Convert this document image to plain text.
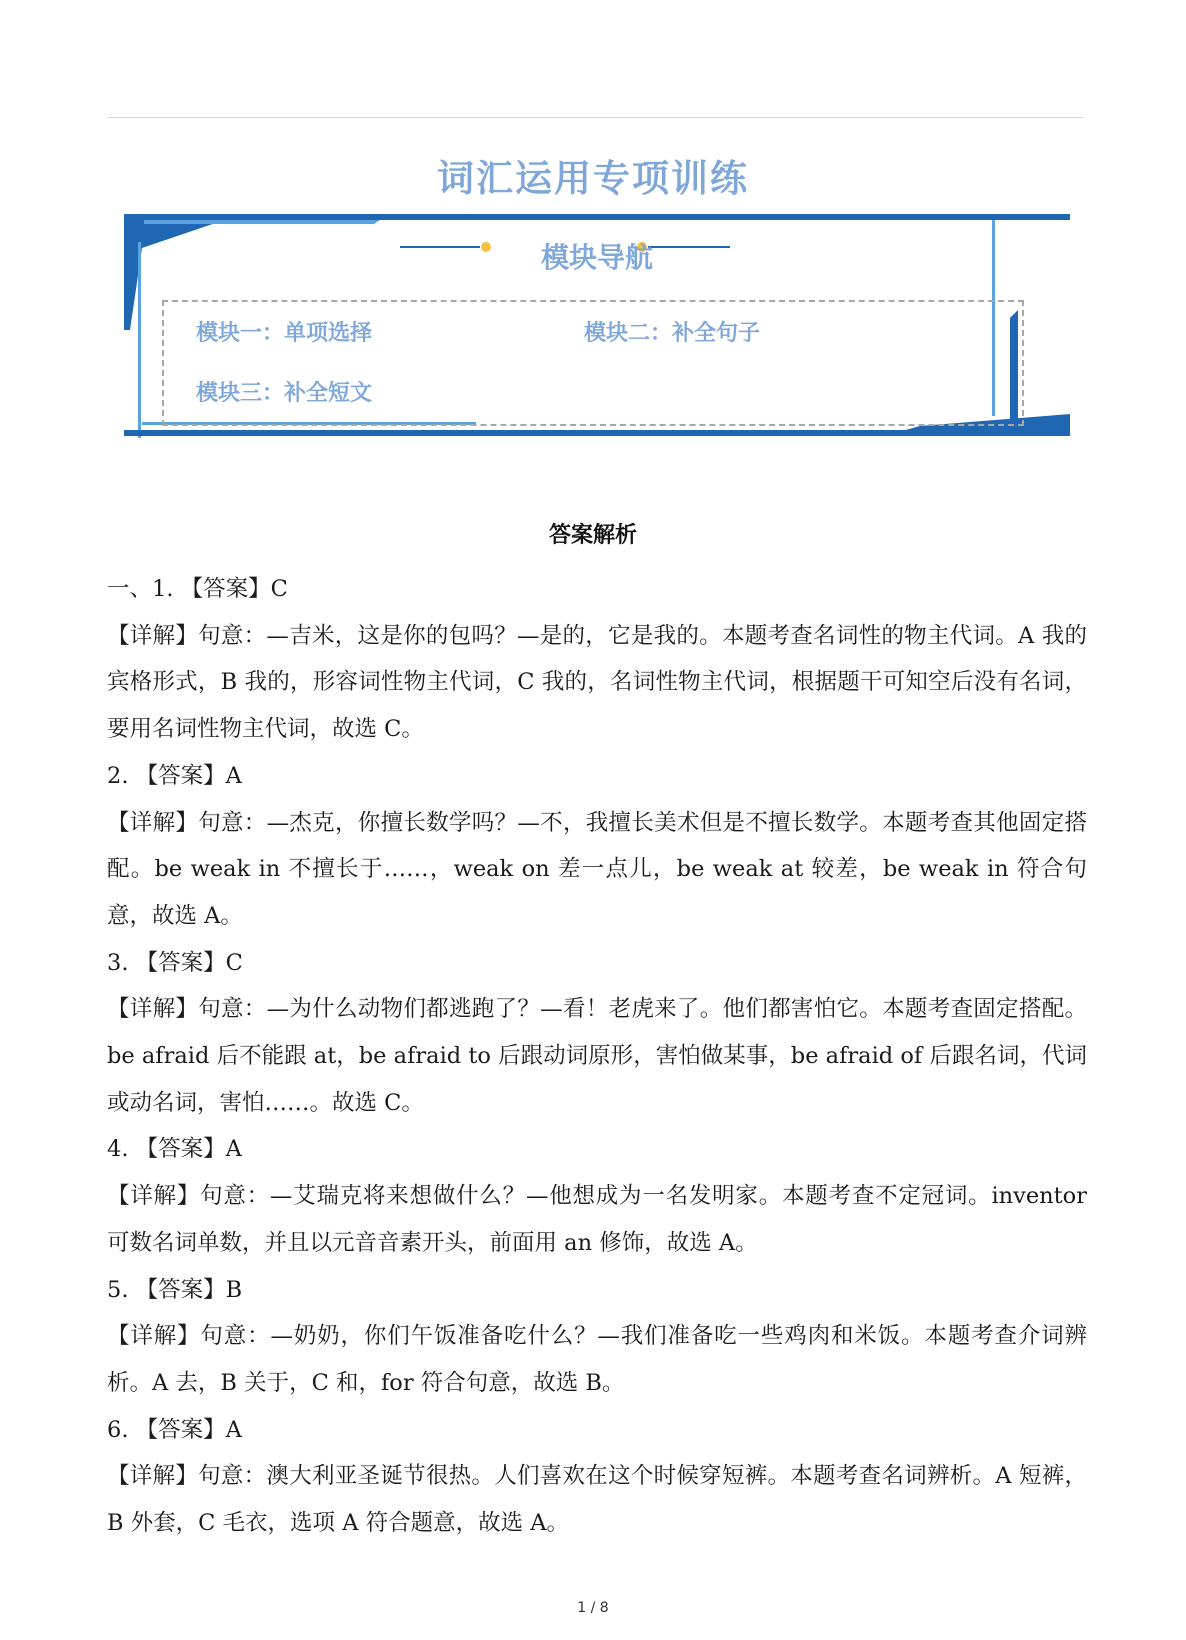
词汇运用专项训练
模块导航
模块一：单项选择	模块二：补全句子
模块三：补全短文
答案解析

一、1. 【答案】C

【详解】句意：—吉米，这是你的包吗？—是的，它是我的。本题考查名词性的物主代词。A 我的宾格形式，B 我的，形容词性物主代词，C 我的，名词性物主代词，根据题干可知空后没有名词，要用名词性物主代词，故选 C。

2. 【答案】A

【详解】句意：—杰克，你擅长数学吗？—不，我擅长美术但是不擅长数学。本题考查其他固定搭配。be weak in 不擅长于……，weak on 差一点儿，be weak at 较差，be weak in 符合句意，故选 A。

3. 【答案】C

【详解】句意：—为什么动物们都逃跑了？—看！老虎来了。他们都害怕它。本题考查固定搭配。be afraid 后不能跟 at，be afraid to 后跟动词原形，害怕做某事，be afraid of 后跟名词，代词或动名词，害怕……。故选 C。

4. 【答案】A

【详解】句意：—艾瑞克将来想做什么？—他想成为一名发明家。本题考查不定冠词。inventor 可数名词单数，并且以元音音素开头，前面用 an 修饰，故选 A。

5. 【答案】B

【详解】句意：—奶奶，你们午饭准备吃什么？—我们准备吃一些鸡肉和米饭。本题考查介词辨析。A 去，B 关于，C 和，for 符合句意，故选 B。

6. 【答案】A

【详解】句意：澳大利亚圣诞节很热。人们喜欢在这个时候穿短裤。本题考查名词辨析。A 短裤，B 外套，C 毛衣，选项 A 符合题意，故选 A。

1 / 8
